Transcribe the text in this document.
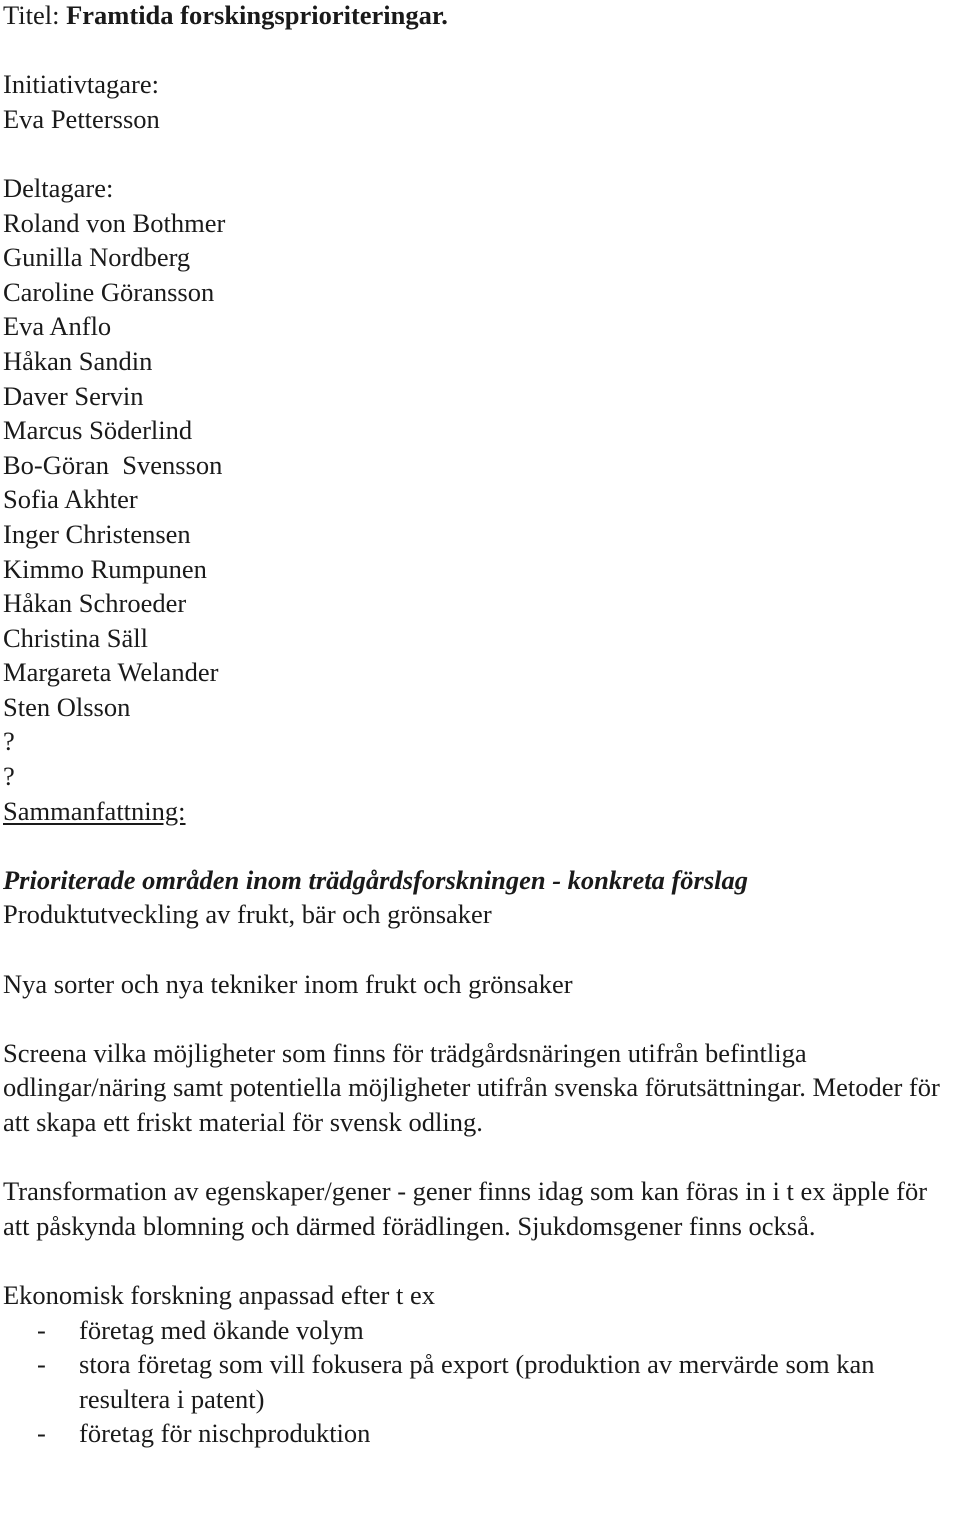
Titel: Framtida forskingsprioriteringar.
Initiativtagare:
Eva Pettersson
Deltagare:
Roland von Bothmer
Gunilla Nordberg
Caroline Göransson
Eva Anflo
Håkan Sandin
Daver Servin
Marcus Söderlind
Bo-Göran  Svensson
Sofia Akhter
Inger Christensen
Kimmo Rumpunen
Håkan Schroeder
Christina Säll
Margareta Welander
Sten Olsson
?
?
Sammanfattning:
Prioriterade områden inom trädgårdsforskningen - konkreta förslag
Produktutveckling av frukt, bär och grönsaker
Nya sorter och nya tekniker inom frukt och grönsaker
Screena vilka möjligheter som finns för trädgårdsnäringen utifrån befintliga odlingar/näring samt potentiella möjligheter utifrån svenska förutsättningar. Metoder för att skapa ett friskt material för svensk odling.
Transformation av egenskaper/gener - gener finns idag som kan föras in i t ex äpple för att påskynda blomning och därmed förädlingen. Sjukdomsgener finns också.
Ekonomisk forskning anpassad efter t ex
-	företag med ökande volym
-	stora företag som vill fokusera på export (produktion av mervärde som kan resultera i patent)
-	företag för nischproduktion
